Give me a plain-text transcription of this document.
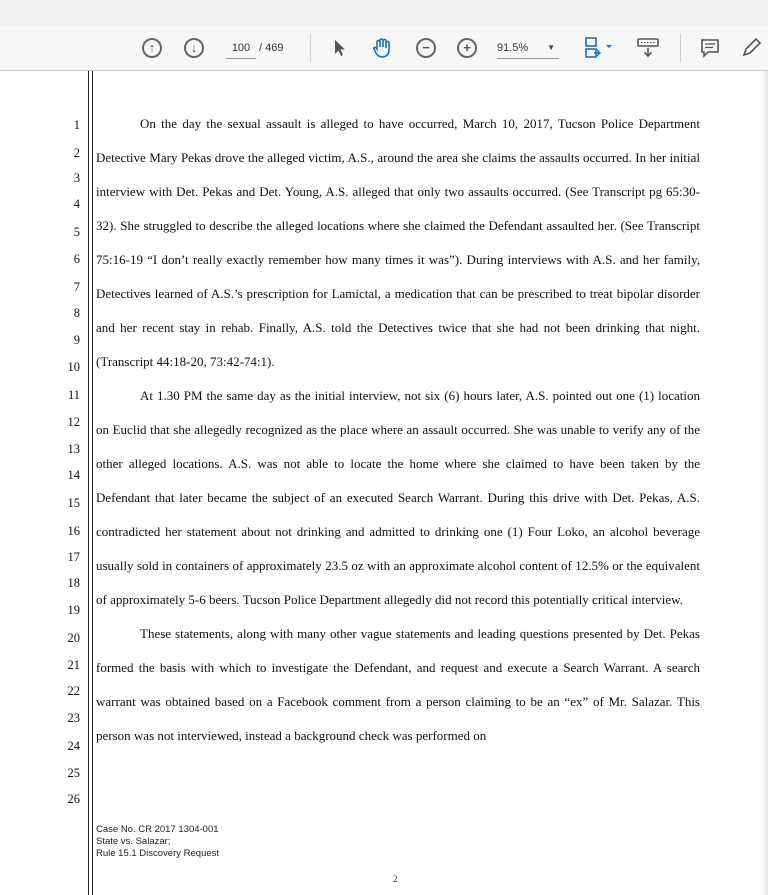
↑	↓	100 / 469	−	+	91.5% ▼
1
2
3
4
5
6
7
8
9
10
11
12
13
14
15
16
17
18
19
20
21
22
23
24
25
26

On the day the sexual assault is alleged to have occurred, March 10, 2017, Tucson Police Department Detective Mary Pekas drove the alleged victim, A.S., around the area she claims the assaults occurred. In her initial interview with Det. Pekas and Det. Young, A.S. alleged that only two assaults occurred. (See Transcript pg 65:30-32). She struggled to describe the alleged locations where she claimed the Defendant assaulted her. (See Transcript 75:16-19 “I don’t really exactly remember how many times it was”). During interviews with A.S. and her family, Detectives learned of A.S.’s prescription for Lamictal, a medication that can be prescribed to treat bipolar disorder and her recent stay in rehab. Finally, A.S. told the Detectives twice that she had not been drinking that night. (Transcript 44:18-20, 73:42-74:1).

At 1.30 PM the same day as the initial interview, not six (6) hours later, A.S. pointed out one (1) location on Euclid that she allegedly recognized as the place where an assault occurred. She was unable to verify any of the other alleged locations. A.S. was not able to locate the home where she claimed to have been taken by the Defendant that later became the subject of an executed Search Warrant. During this drive with Det. Pekas, A.S. contradicted her statement about not drinking and admitted to drinking one (1) Four Loko, an alcohol beverage usually sold in containers of approximately 23.5 oz with an approximate alcohol content of 12.5% or the equivalent of approximately 5-6 beers. Tucson Police Department allegedly did not record this potentially critical interview.

These statements, along with many other vague statements and leading questions presented by Det. Pekas formed the basis with which to investigate the Defendant, and request and execute a Search Warrant. A search warrant was obtained based on a Facebook comment from a person claiming to be an “ex” of Mr. Salazar. This person was not interviewed, instead a background check was performed on

Case No. CR 2017 1304-001
State vs. Salazar;
Rule 15.1 Discovery Request
2
